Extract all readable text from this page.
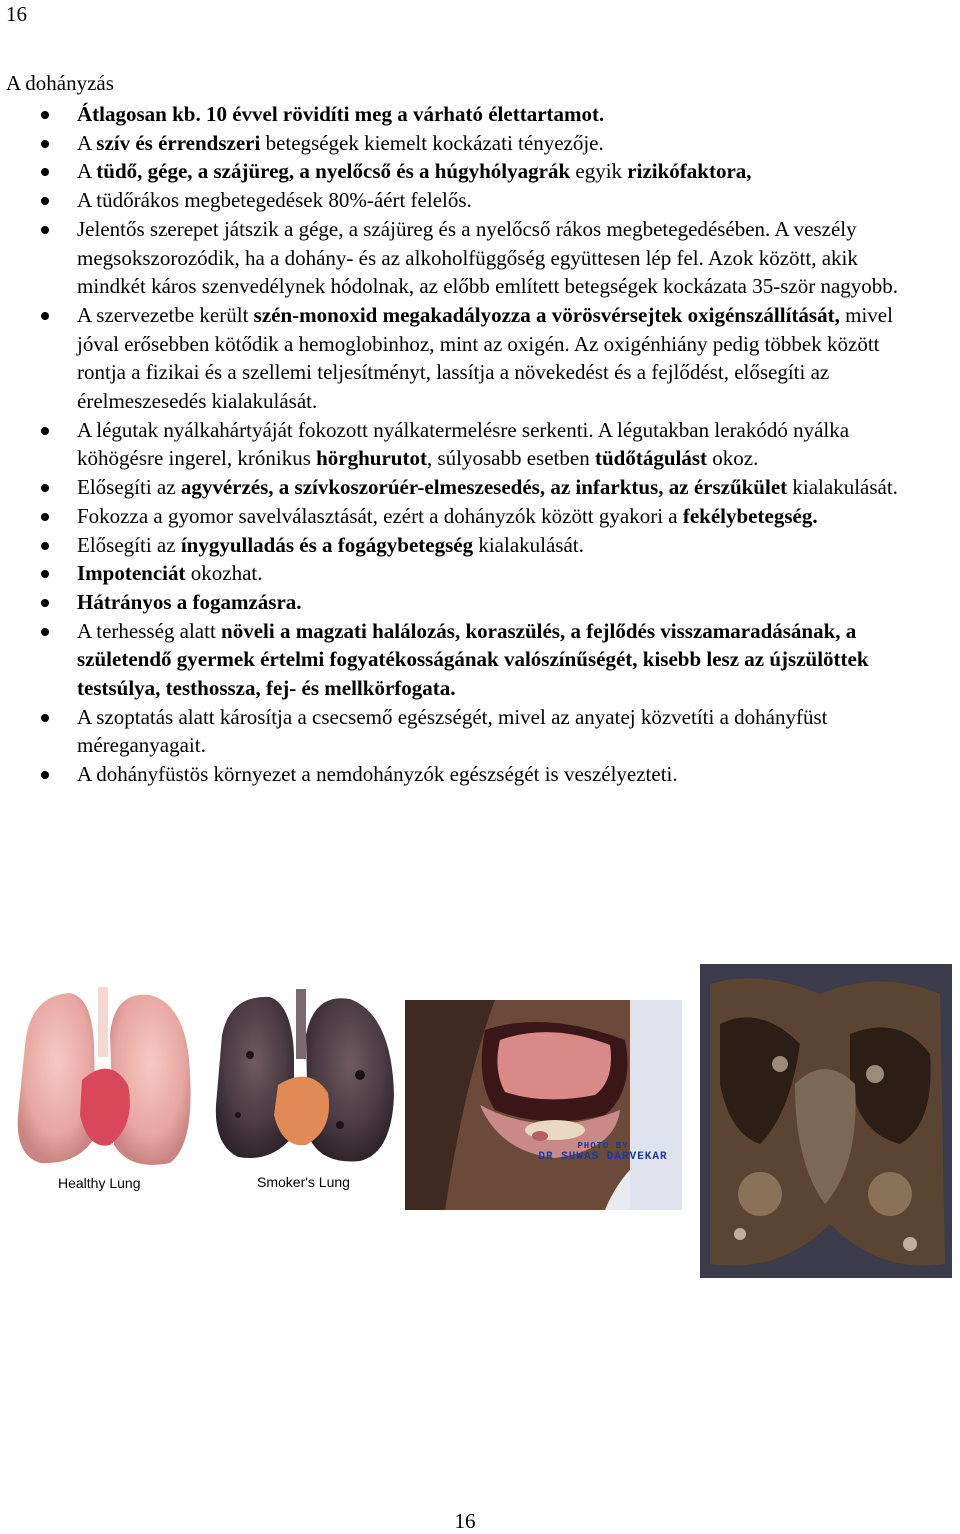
16
A dohányzás
Átlagosan kb. 10 évvel rövidíti meg a várható élettartamot.
A szív és érrendszeri betegségek kiemelt kockázati tényezője.
A tüdő, gége, a szájüreg, a nyelőcső és a húgyhólyagrák egyik rizikófaktora,
A tüdőrákos megbetegedések 80%-áért felelős.
Jelentős szerepet játszik a gége, a szájüreg és a nyelőcső rákos megbetegedésében. A veszély megsokszorozódik, ha a dohány- és az alkoholfüggőség együttesen lép fel. Azok között, akik mindkét káros szenvedélynek hódolnak, az előbb említett betegségek kockázata 35-ször nagyobb.
A szervezetbe került szén-monoxid megakadályozza a vörösvérsejtek oxigénszállítását, mivel jóval erősebben kötődik a hemoglobinhoz, mint az oxigén. Az oxigénhiány pedig többek között rontja a fizikai és a szellemi teljesítményt, lassítja a növekedést és a fejlődést, elősegíti az érelmeszesedés kialakulását.
A légutak nyálkahártyáját fokozott nyálkatermelésre serkenti. A légutakban lerakódó nyálka köhögésre ingerel, krónikus hörghurutot, súlyosabb esetben tüdőtágulást okoz.
Elősegíti az agyvérzés, a szívkoszorúér-elmeszesedés, az infarktus, az érszűkület kialakulását.
Fokozza a gyomor savelválasztását, ezért a dohányzók között gyakori a fekélybetegség.
Elősegíti az ínygyulladás és a fogágybetegség kialakulását.
Impotenciát okozhat.
Hátrányos a fogamzásra.
A terhesség alatt növeli a magzati halálozás, koraszülés, a fejlődés visszamaradásának, a születendő gyermek értelmi fogyatékosságának valószínűségét, kisebb lesz az újszülöttek testsúlya, testhossza, fej- és mellkörfogata.
A szoptatás alatt károsítja a csecsemő egészségét, mivel az anyatej közvetíti a dohányfüst méreganyagait.
A dohányfüstös környezet a nemdohányzók egészségét is veszélyezteti.
Healthy Lung	Smoker's Lung
PHOTO BY
DR SUWAS DARVEKAR
16
